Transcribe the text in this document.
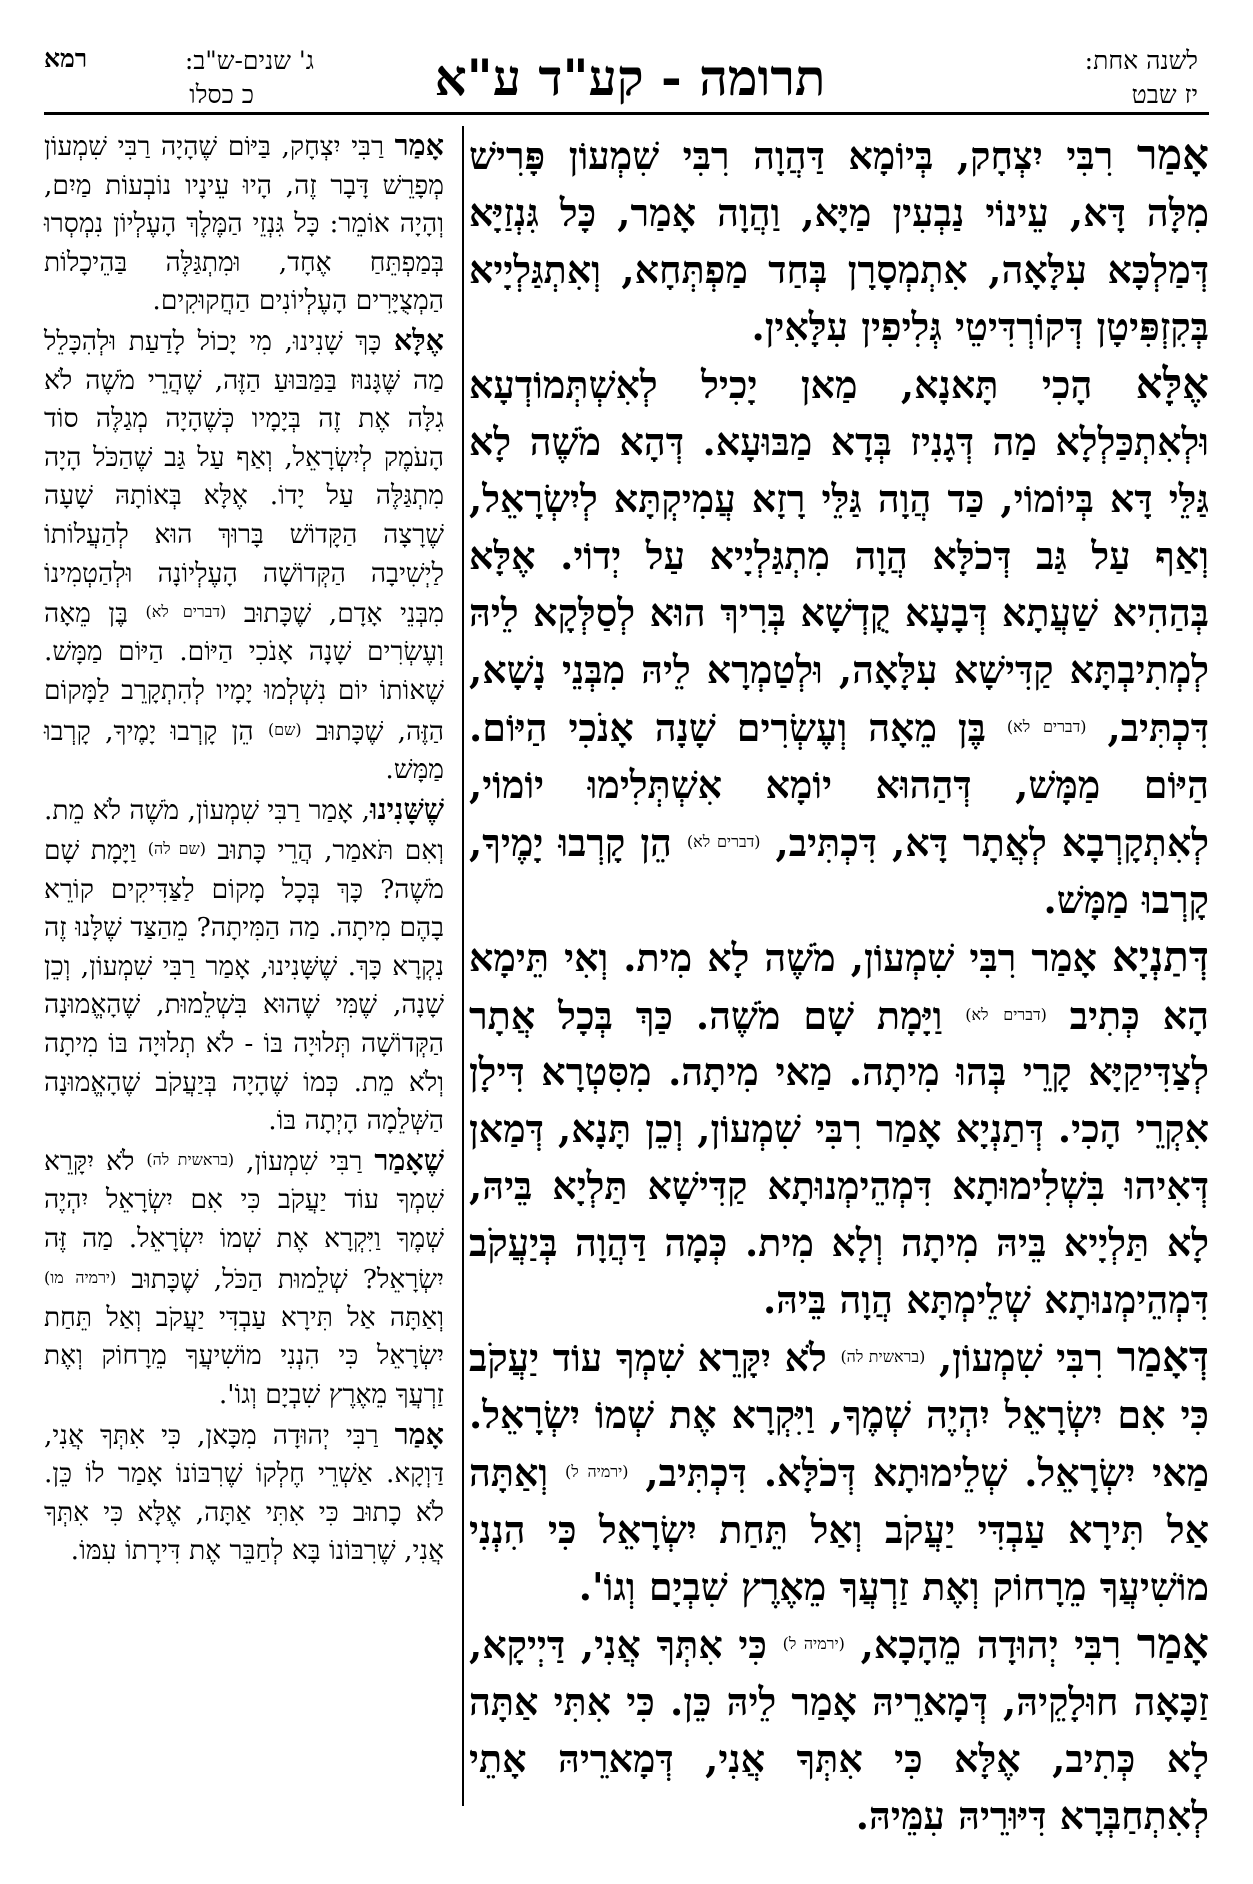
לשנה אחת:
יז שבט
תרומה - קע"ד ע"א
ג' שנים-ש"ב:
רמא
כ כסלו

אָמַר רִבִּי יִצְחָק, בְּיוֹמָא דַּהֲוָה רִבִּי שִׁמְעוֹן פָּרִישׁ מִלָּה דָּא, עֵינוֹי נַבְעִין מַיָּא, וַהֲוָה אָמַר, כָּל גִּנְזַיָּא דְּמַלְכָּא עִלָּאָה, אִתְמְסָרָן בְּחַד מַפְתְּחָא, וְאִתְגַּלְיָיא בְּקִזְפִּיטָן דְּקוֹרְדִּיטֵי גְּלִיפִין עִלָּאִין.

אֶלָּא הָכִי תָּאנָא, מַאן יָכִיל לְאִשְׁתְּמוֹדְעָא וּלְאִתְכַּלְלָא מַה דְּגָנִיז בְּדָא מַבּוּעָא. דְּהָא מֹשֶׁה לָא גַּלֵּי דָּא בְּיוֹמוֹי, כַּד הֲוָה גַּלֵּי רָזָא עֲמִיקְתָּא לְיִשְׂרָאֵל, וְאַף עַל גַּב דְּכֹלָּא הֲוָה מִתְגַּלְיָיא עַל יְדוֹי. אֶלָּא בְּהַהִיא שַׁעֲתָא דְּבָעָא קֻדְשָׁא בְּרִיךְ הוּא לְסַלְּקָא לֵיהּ לְמְתִיבְתָּא קַדִּישָׁא עִלָּאָה, וּלְטַמְרָא לֵיהּ מִבְּנֵי נָשָׁא, דִּכְתִּיב, $^{(דברים לא)}$ בֶּן מֵאָה וְעֶשְׂרִים שָׁנָה אָנֹכִי הַיּוֹם. הַיּוֹם מַמָּשׁ, דְּהַהוּא יוֹמָא אִשְׁתְּלִימוּ יוֹמוֹי, לְאִתְקָרְבָא לְאֲתָר דָּא, דִּכְתִּיב, $^{(דברים לא)}$ הֵן קָרְבוּ יָמֶיךָ, קָרְבוּ מַמָּשׁ.

דְּתַנְיָא אָמַר רִבִּי שִׁמְעוֹן, מֹשֶׁה לָא מִית. וְאִי תֵּימָא הָא כְּתִיב $^{(דברים לא)}$ וַיָּמָת שָׁם מֹשֶׁה. כַּךְ בְּכָל אֲתָר לְצַדִּיקַיָּא קָרֵי בְּהוּ מִיתָה. מַאי מִיתָה. מִסִּטְרָא דִּילָן אִקְרֵי הָכִי. דְּתַנְיָא אָמַר רִבִּי שִׁמְעוֹן, וְכֵן תָּנָא, דְּמַאן דְּאִיהוּ בִּשְׁלִימוּתָא דִּמְהֵימְנוּתָא קַדִּישָׁא תַּלְיָא בֵּיהּ, לָא תַּלְיָיא בֵּיהּ מִיתָה וְלָא מִית. כְּמָה דַּהֲוָה בְּיַעֲקֹב דִּמְהֵימְנוּתָא שְׁלֵימְתָּא הֲוָה בֵּיהּ.

דְּאָמַר רִבִּי שִׁמְעוֹן, $^{(בראשית לה)}$ לֹא יִקָּרֵא שִׁמְךָ עוֹד יַעֲקֹב כִּי אִם יִשְׂרָאֵל יִהְיֶה שְׁמֶךָ, וַיִּקְרָא אֶת שְׁמוֹ יִשְׂרָאֵל. מַאי יִשְׂרָאֵל. שְׁלֵימוּתָא דְּכֹלָּא. דִּכְתִּיב, $^{(ירמיה ל)}$ וְאַתָּה אַל תִּירָא עַבְדִּי יַעֲקֹב וְאַל תֵּחַת יִשְׂרָאֵל כִּי הִנְנִי מוֹשִׁיעֲךָ מֵרָחוֹק וְאֶת זַרְעֲךָ מֵאֶרֶץ שִׁבְיָם וְגוֹ'.

אָמַר רִבִּי יְהוּדָה מֵהָכָא, $^{(ירמיה ל)}$ כִּי אִתְּךָ אֲנִי, דַּיְיקָא, זַכָּאָה חוּלָקֵיהּ, דְּמָארֵיהּ אָמַר לֵיהּ כֵּן. כִּי אִתִּי אַתָּה לָא כְּתִיב, אֶלָּא כִּי אִתְּךָ אֲנִי, דְּמָארֵיהּ אָתֵי לְאִתְחַבְּרָא דִּיּוּרֵיהּ עִמֵּיהּ.

אָמַר רַבִּי יִצְחָק, בַּיּוֹם שֶׁהָיָה רַבִּי שִׁמְעוֹן מְפָרֵשׁ דָּבָר זֶה, הָיוּ עֵינָיו נוֹבְעוֹת מַיִם, וְהָיָה אוֹמֵר: כָּל גִּנְזֵי הַמֶּלֶךְ הָעֶלְיוֹן נִמְסְרוּ בְּמַפְתֵּחַ אֶחָד, וּמִתְגַּלֶּה בַּהֵיכָלוֹת הַמְצֻיָּרִים הָעֶלְיוֹנִים הַחֲקוּקִים.

אֶלָּא כָּךְ שָׁנִינוּ, מִי יָכוֹל לָדַעַת וּלְהִכָּלֵל מַה שֶּׁגָּנוּז בַּמַּבּוּעַ הַזֶּה, שֶׁהֲרֵי מֹשֶׁה לֹא גִלָּה אֶת זֶה בְּיָמָיו כְּשֶׁהָיָה מְגַלֶּה סוֹד הָעֹמֶק לְיִשְׂרָאֵל, וְאַף עַל גַּב שֶׁהַכֹּל הָיָה מִתְגַּלֶּה עַל יָדוֹ. אֶלָּא בְּאוֹתָהּ שָׁעָה שֶׁרָצָה הַקָּדוֹשׁ בָּרוּךְ הוּא לְהַעֲלוֹתוֹ לַיְשִׁיבָה הַקְּדוֹשָׁה הָעֶלְיוֹנָה וּלְהַטְמִינוֹ מִבְּנֵי אָדָם, שֶׁכָּתוּב (דברים לא) בֶּן מֵאָה וְעֶשְׂרִים שָׁנָה אָנֹכִי הַיּוֹם. הַיּוֹם מַמָּשׁ. שֶׁאוֹתוֹ יוֹם נִשְׁלְמוּ יָמָיו לְהִתְקָרֵב לַמָּקוֹם הַזֶּה, שֶׁכָּתוּב (שם) הֵן קָרְבוּ יָמֶיךָ, קָרְבוּ מַמָּשׁ.

שֶׁשָּׁנִינוּ, אָמַר רַבִּי שִׁמְעוֹן, מֹשֶׁה לֹא מֵת. וְאִם תֹּאמַר, הֲרֵי כָּתוּב (שם לה) וַיָּמָת שָׁם מֹשֶׁה? כָּךְ בְּכָל מָקוֹם לַצַּדִּיקִים קוֹרֵא בָהֶם מִיתָה. מַה הַמִּיתָה? מֵהַצַּד שֶׁלָּנוּ זֶה נִקְרָא כָּךְ. שֶׁשָּׁנִינוּ, אָמַר רַבִּי שִׁמְעוֹן, וְכֵן שָׁנָה, שֶׁמִּי שֶׁהוּא בִּשְׁלֵמוּת, שֶׁהָאֱמוּנָה הַקְּדוֹשָׁה תְּלוּיָה בּוֹ - לֹא תְלוּיָה בּוֹ מִיתָה וְלֹא מֵת. כְּמוֹ שֶׁהָיָה בְּיַעֲקֹב שֶׁהָאֱמוּנָה הַשְּׁלֵמָה הָיְתָה בּוֹ.

שֶׁאָמַר רַבִּי שִׁמְעוֹן, (בראשית לה) לֹא יִקָּרֵא שִׁמְךָ עוֹד יַעֲקֹב כִּי אִם יִשְׂרָאֵל יִהְיֶה שְׁמֶךָ וַיִּקְרָא אֶת שְׁמוֹ יִשְׂרָאֵל. מַה זֶּה יִשְׂרָאֵל? שְׁלֵמוּת הַכֹּל, שֶׁכָּתוּב (ירמיה מו) וְאַתָּה אַל תִּירָא עַבְדִּי יַעֲקֹב וְאַל תֵּחַת יִשְׂרָאֵל כִּי הִנְנִי מוֹשִׁיעֲךָ מֵרָחוֹק וְאֶת זַרְעֲךָ מֵאֶרֶץ שִׁבְיָם וְגוֹ'.

אָמַר רַבִּי יְהוּדָה מִכָּאן, כִּי אִתְּךָ אֲנִי, דַּוְקָא. אַשְׁרֵי חֶלְקוֹ שֶׁרִבּוֹנוֹ אָמַר לוֹ כֵּן. לֹא כָתוּב כִּי אִתִּי אַתָּה, אֶלָּא כִּי אִתְּךָ אֲנִי, שֶׁרִבּוֹנוֹ בָּא לְחַבֵּר אֶת דִּירָתוֹ עִמּוֹ.
